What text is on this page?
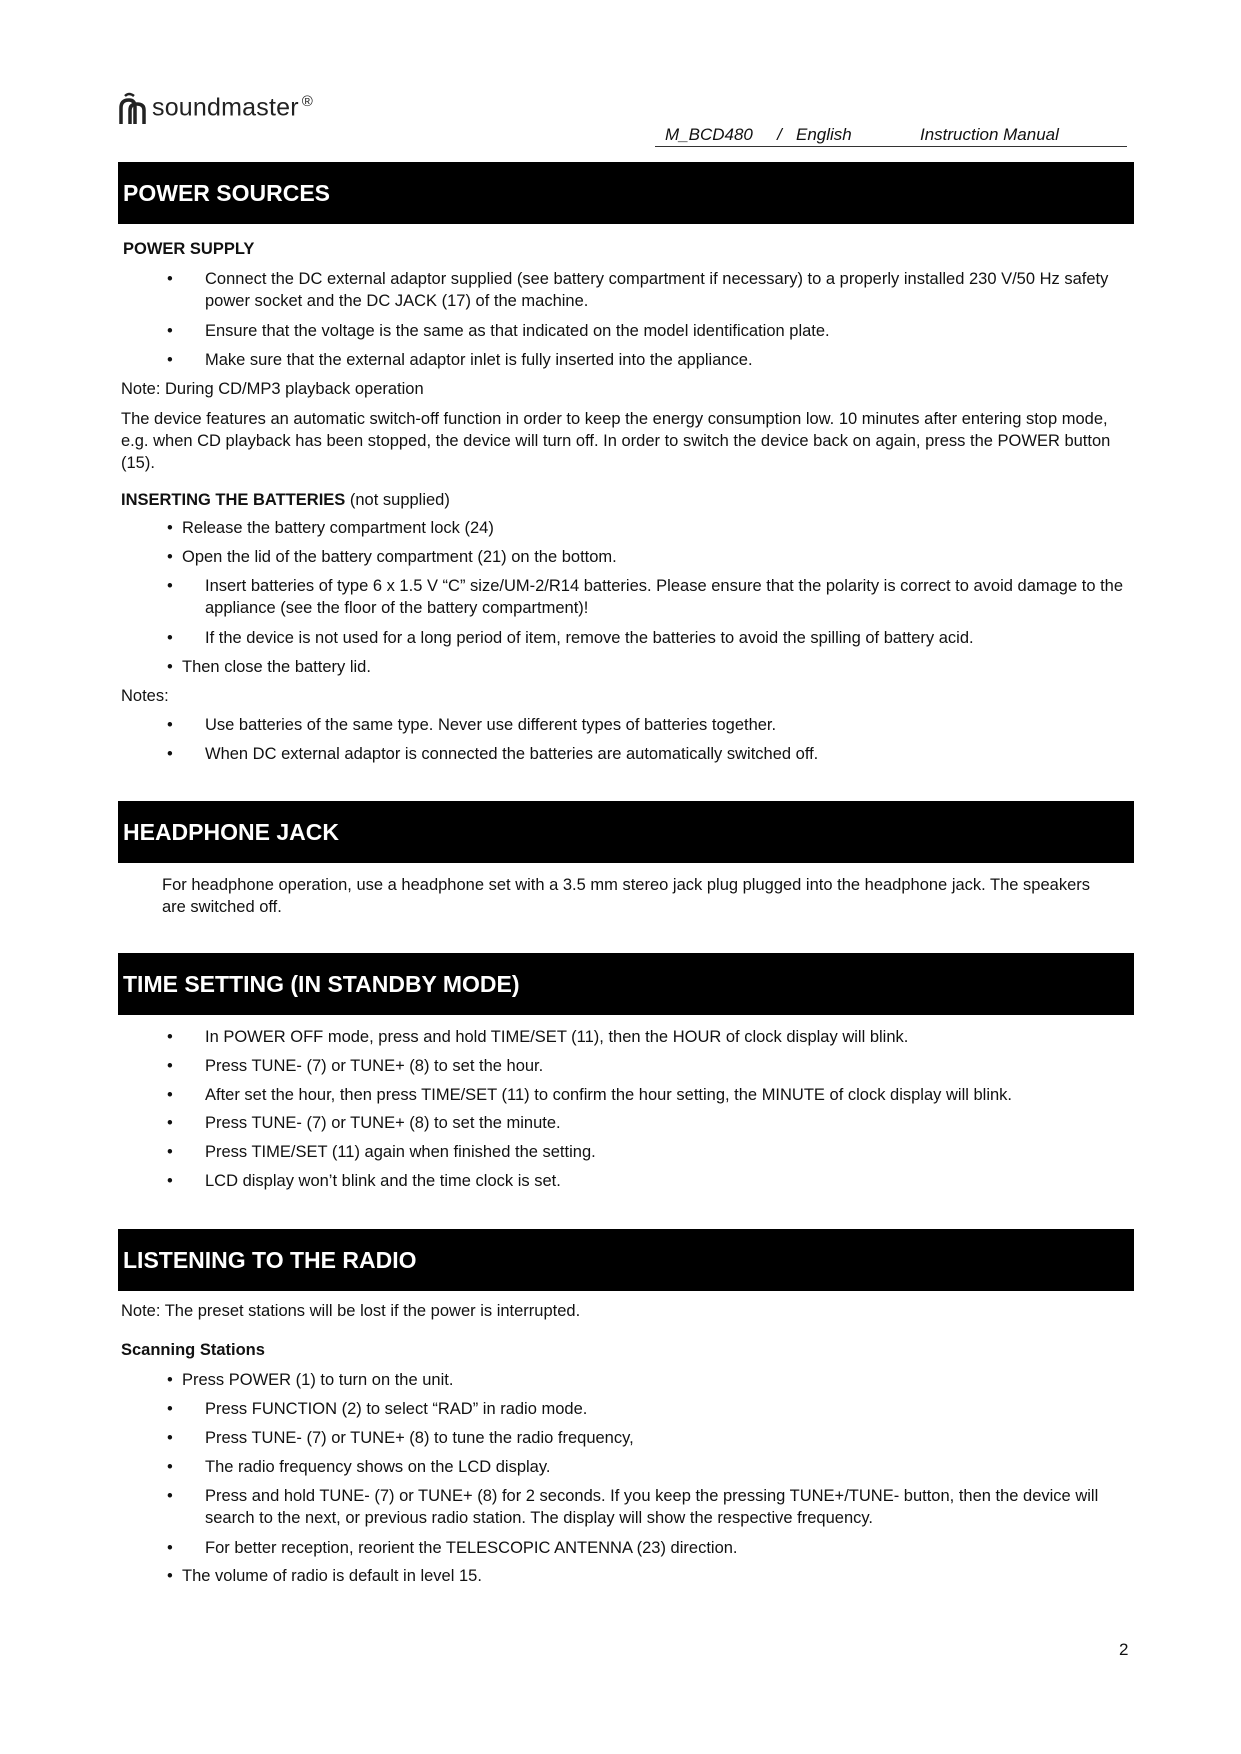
soundmaster ®
M_BCD480	/ English	Instruction Manual
POWER SOURCES
POWER SUPPLY
• Connect the DC external adaptor supplied (see battery compartment if necessary) to a properly installed 230 V/50 Hz safety power socket and the DC JACK (17) of the machine.
• Ensure that the voltage is the same as that indicated on the model identification plate.
• Make sure that the external adaptor inlet is fully inserted into the appliance.
Note: During CD/MP3 playback operation
The device features an automatic switch-off function in order to keep the energy consumption low. 10 minutes after entering stop mode, e.g. when CD playback has been stopped, the device will turn off. In order to switch the device back on again, press the POWER button (15).
INSERTING THE BATTERIES (not supplied)
• Release the battery compartment lock (24)
• Open the lid of the battery compartment (21) on the bottom.
• Insert batteries of type 6 x 1.5 V “C” size/UM-2/R14 batteries. Please ensure that the polarity is correct to avoid damage to the appliance (see the floor of the battery compartment)!
• If the device is not used for a long period of item, remove the batteries to avoid the spilling of battery acid.
• Then close the battery lid.
Notes:
• Use batteries of the same type. Never use different types of batteries together.
• When DC external adaptor is connected the batteries are automatically switched off.
HEADPHONE JACK
For headphone operation, use a headphone set with a 3.5 mm stereo jack plug plugged into the headphone jack. The speakers are switched off.
TIME SETTING (IN STANDBY MODE)
• In POWER OFF mode, press and hold TIME/SET (11), then the HOUR of clock display will blink.
• Press TUNE- (7) or TUNE+ (8) to set the hour.
• After set the hour, then press TIME/SET (11) to confirm the hour setting, the MINUTE of clock display will blink.
• Press TUNE- (7) or TUNE+ (8) to set the minute.
• Press TIME/SET (11) again when finished the setting.
• LCD display won’t blink and the time clock is set.
LISTENING TO THE RADIO
Note: The preset stations will be lost if the power is interrupted.
Scanning Stations
• Press POWER (1) to turn on the unit.
• Press FUNCTION (2) to select “RAD” in radio mode.
• Press TUNE- (7) or TUNE+ (8) to tune the radio frequency,
• The radio frequency shows on the LCD display.
• Press and hold TUNE- (7) or TUNE+ (8) for 2 seconds. If you keep the pressing TUNE+/TUNE- button, then the device will search to the next, or previous radio station. The display will show the respective frequency.
• For better reception, reorient the TELESCOPIC ANTENNA (23) direction.
• The volume of radio is default in level 15.
2
